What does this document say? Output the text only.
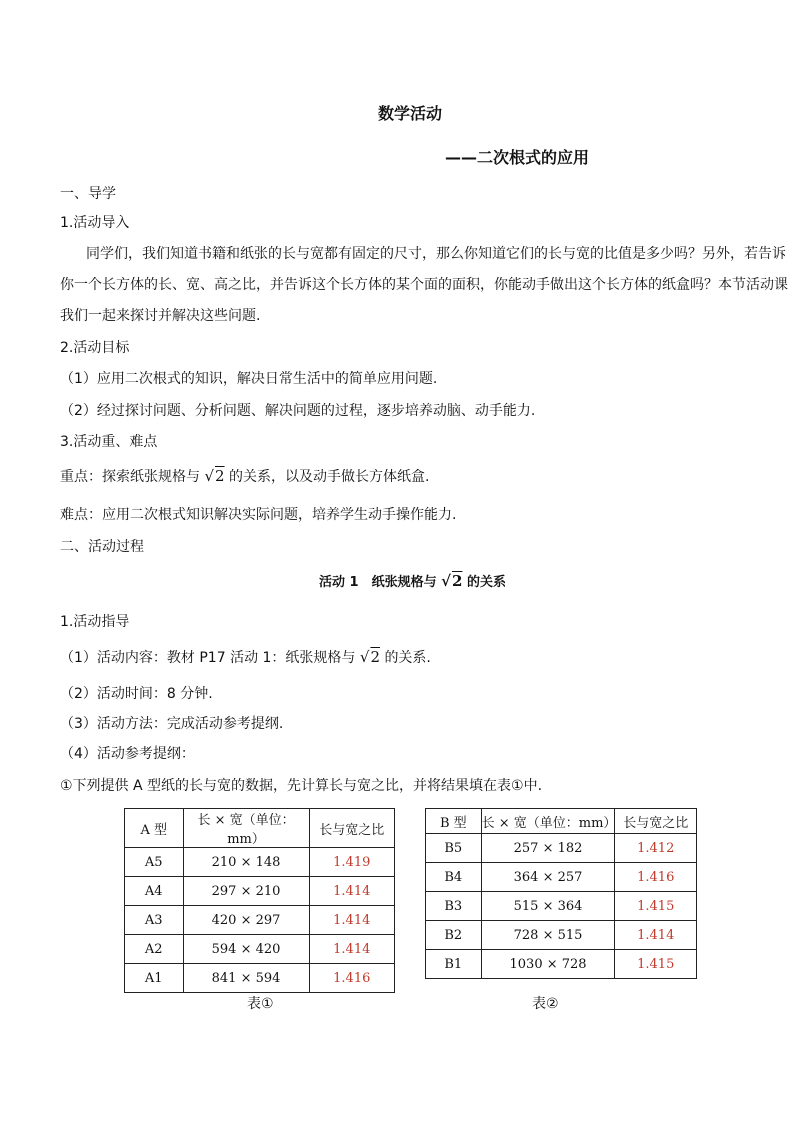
数学活动
——二次根式的应用
一、导学
1.活动导入
同学们，我们知道书籍和纸张的长与宽都有固定的尺寸，那么你知道它们的长与宽的比值是多少吗？另外，若告诉
你一个长方体的长、宽、高之比，并告诉这个长方体的某个面的面积，你能动手做出这个长方体的纸盒吗？本节活动课
我们一起来探讨并解决这些问题.
2.活动目标
（1）应用二次根式的知识，解决日常生活中的简单应用问题.
（2）经过探讨问题、分析问题、解决问题的过程，逐步培养动脑、动手能力.
3.活动重、难点
重点：探索纸张规格与 √2 的关系，以及动手做长方体纸盒.
难点：应用二次根式知识解决实际问题，培养学生动手操作能力.
二、活动过程
活动 1　纸张规格与 √2 的关系
1.活动指导
（1）活动内容：教材 P17 活动 1：纸张规格与 √2 的关系.
（2）活动时间：8 分钟.
（3）活动方法：完成活动参考提纲.
（4）活动参考提纲：
①下列提供 A 型纸的长与宽的数据，先计算长与宽之比，并将结果填在表①中.
A 型	长 × 宽（单位：mm）	长与宽之比
A5	210 × 148	1.419
A4	297 × 210	1.414
A3	420 × 297	1.414
A2	594 × 420	1.414
A1	841 × 594	1.416
B 型	长 × 宽（单位：mm）	长与宽之比
B5	257 × 182	1.412
B4	364 × 257	1.416
B3	515 × 364	1.415
B2	728 × 515	1.414
B1	1030 × 728	1.415
表①	表②
